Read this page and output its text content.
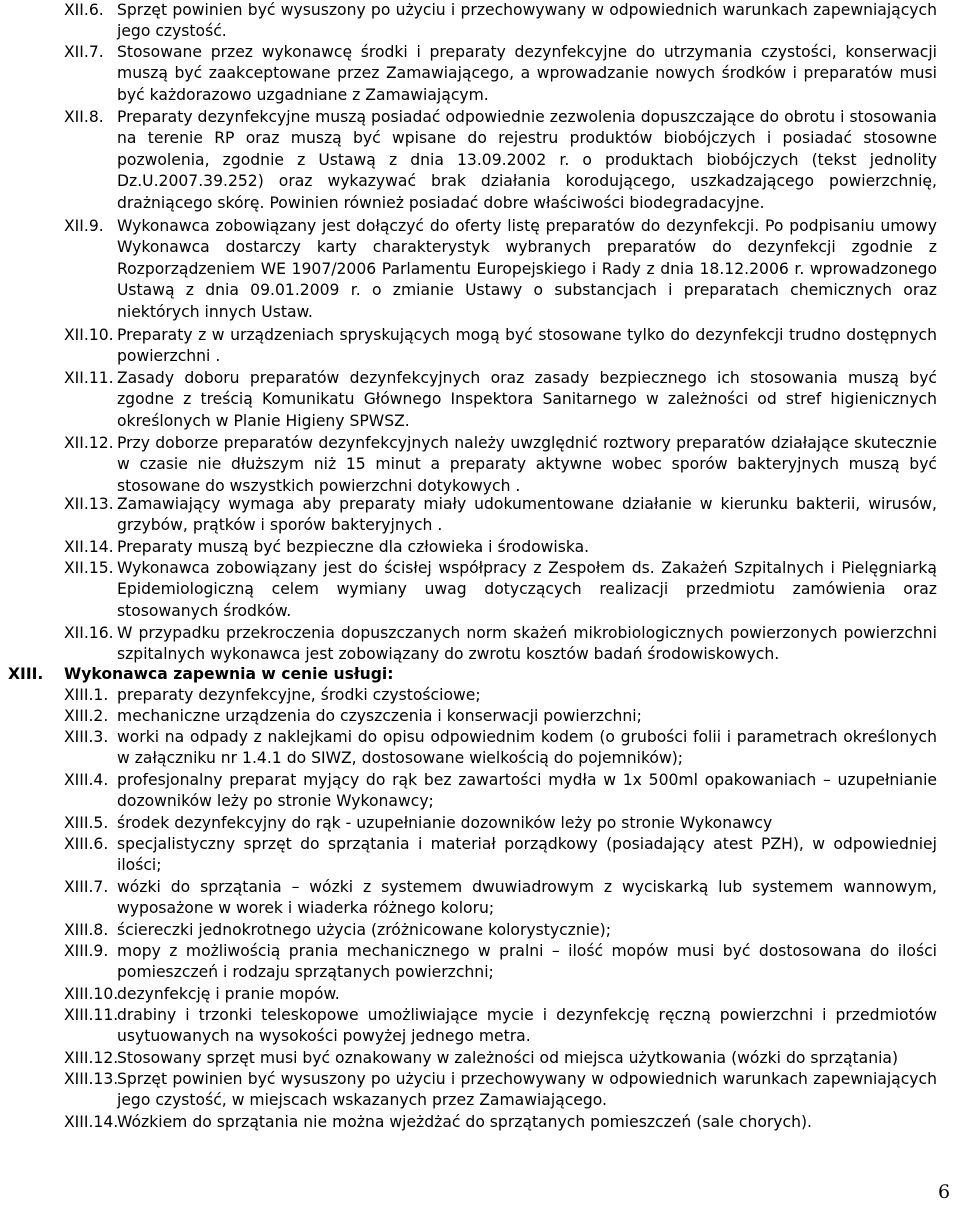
XII.6. Sprzęt powinien być wysuszony po użyciu i przechowywany w odpowiednich warunkach zapewniających jego czystość.
XII.7. Stosowane przez wykonawcę środki i preparaty dezynfekcyjne do utrzymania czystości, konserwacji muszą być zaakceptowane przez Zamawiającego, a wprowadzanie nowych środków i preparatów musi być każdorazowo uzgadniane z Zamawiającym.
XII.8. Preparaty dezynfekcyjne muszą posiadać odpowiednie zezwolenia dopuszczające do obrotu i stosowania na terenie RP oraz muszą być wpisane do rejestru produktów biobójczych i posiadać stosowne pozwolenia, zgodnie z Ustawą z dnia 13.09.2002 r. o produktach biobójczych (tekst jednolity Dz.U.2007.39.252) oraz wykazywać brak działania korodującego, uszkadzającego powierzchnię, drażniącego skórę. Powinien również posiadać dobre właściwości biodegradacyjne.
XII.9. Wykonawca zobowiązany jest dołączyć do oferty listę preparatów do dezynfekcji. Po podpisaniu umowy Wykonawca dostarczy karty charakterystyk wybranych preparatów do dezynfekcji zgodnie z Rozporządzeniem WE 1907/2006 Parlamentu Europejskiego i Rady z dnia 18.12.2006 r. wprowadzonego Ustawą z dnia 09.01.2009 r. o zmianie Ustawy o substancjach i preparatach chemicznych oraz niektórych innych Ustaw.
XII.10. Preparaty z w urządzeniach spryskujących mogą być stosowane tylko do dezynfekcji trudno dostępnych powierzchni .
XII.11. Zasady doboru preparatów dezynfekcyjnych oraz zasady bezpiecznego ich stosowania muszą być zgodne z treścią Komunikatu Głównego Inspektora Sanitarnego w zależności od stref higienicznych określonych w Planie Higieny SPWSZ.
XII.12. Przy doborze preparatów dezynfekcyjnych należy uwzględnić roztwory preparatów działające skutecznie w czasie nie dłuższym niż 15 minut a preparaty aktywne wobec sporów bakteryjnych muszą być stosowane do wszystkich powierzchni dotykowych .
XII.13. Zamawiający wymaga aby preparaty miały udokumentowane działanie w kierunku bakterii, wirusów, grzybów, prątków i sporów bakteryjnych .
XII.14. Preparaty muszą być bezpieczne dla człowieka i środowiska.
XII.15. Wykonawca zobowiązany jest do ścisłej współpracy z Zespołem ds. Zakażeń Szpitalnych i Pielęgniarką Epidemiologiczną celem wymiany uwag dotyczących realizacji przedmiotu zamówienia oraz stosowanych środków.
XII.16. W przypadku przekroczenia dopuszczanych norm skażeń mikrobiologicznych powierzonych powierzchni szpitalnych wykonawca jest zobowiązany do zwrotu kosztów badań środowiskowych.
XIII. Wykonawca zapewnia w cenie usługi:
XIII.1. preparaty dezynfekcyjne, środki czystościowe;
XIII.2. mechaniczne urządzenia do czyszczenia i konserwacji powierzchni;
XIII.3. worki na odpady z naklejkami do opisu odpowiednim kodem (o grubości folii i parametrach określonych w załączniku nr 1.4.1 do SIWZ, dostosowane wielkością do pojemników);
XIII.4. profesjonalny preparat myjący do rąk bez zawartości mydła w 1x 500ml opakowaniach – uzupełnianie dozowników leży po stronie Wykonawcy;
XIII.5. środek dezynfekcyjny do rąk - uzupełnianie dozowników leży po stronie Wykonawcy
XIII.6. specjalistyczny sprzęt do sprzątania i materiał porządkowy (posiadający atest PZH), w odpowiedniej ilości;
XIII.7. wózki do sprzątania – wózki z systemem dwuwiadrowym z wyciskarką lub systemem wannowym, wyposażone w worek i wiaderka różnego koloru;
XIII.8. ściereczki jednokrotnego użycia (zróżnicowane kolorystycznie);
XIII.9. mopy z możliwością prania mechanicznego w pralni – ilość mopów musi być dostosowana do ilości pomieszczeń i rodzaju sprzątanych powierzchni;
XIII.10.
dezynfekcję i pranie mopów.
XIII.11.
drabiny i trzonki teleskopowe umożliwiające mycie i dezynfekcję ręczną powierzchni i przedmiotów usytuowanych na wysokości powyżej jednego metra.
XIII.12.
Stosowany sprzęt musi być oznakowany w zależności od miejsca użytkowania (wózki do sprzątania)
XIII.13.
Sprzęt powinien być wysuszony po użyciu i przechowywany w odpowiednich warunkach zapewniających jego czystość, w miejscach wskazanych przez Zamawiającego.
XIII.14.
Wózkiem do sprzątania nie można wjeżdżać do sprzątanych pomieszczeń (sale chorych).
6
